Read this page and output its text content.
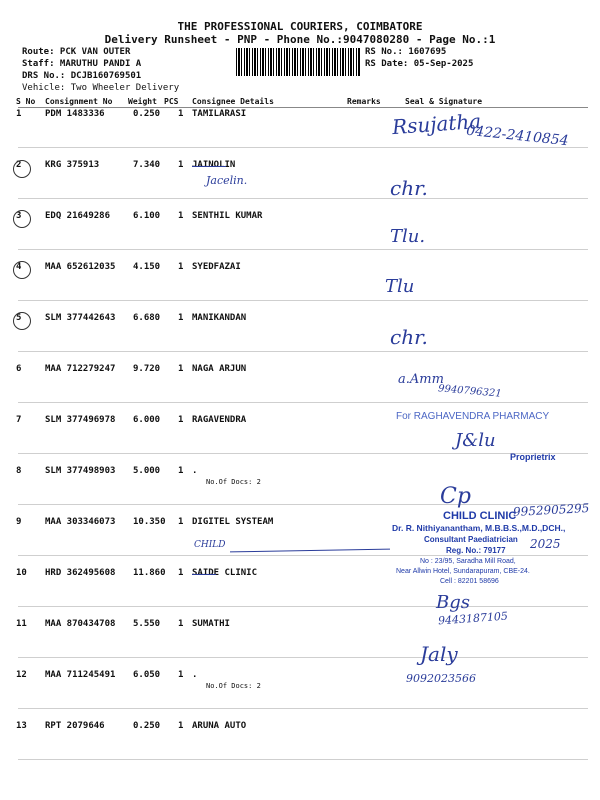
THE PROFESSIONAL COURIERS, COIMBATORE
Delivery Runsheet - PNP - Phone No.:9047080280 - Page No.:1
Route: PCK VAN OUTER
Staff: MARUTHU PANDI A
DRS No.: DCJB160769501
Vehicle: Two Wheeler Delivery
RS No.: 1607695
RS Date: 05-Sep-2025
S No Consignment No Weight PCS Consignee Details	Remarks	Seal & Signature
1	PDM 1483336	0.250 1 TAMILARASI
2	KRG 375913	7.340 1 JAINOLIN
3	EDQ 21649286	6.100 1 SENTHIL KUMAR
4	MAA 652612035 4.150 1 SYEDFAZAI
5	SLM 377442643 6.680 1 MANIKANDAN
6	MAA 712279247 9.720 1 NAGA ARJUN
7	SLM 377496978 6.000 1 RAGAVENDRA
8	SLM 377498903 5.000 1 .
No.Of Docs: 2
9	MAA 303346073 10.350 1 DIGITEL SYSTEAM
10 HRD 362495608 11.860 1 SAIDE CLINIC
11 MAA 870434708 5.550 1 SUMATHI
12 MAA 711245491 6.050 1 .
No.Of Docs: 2
13 RPT 2079646	0.250 1 ARUNA AUTO
Rsujatha
0422-2410854
Jacelin.	chr.
Tlu.
Tlu
chr.
a.Amm
9940796321
For RAGHAVENDRA PHARMACY
J&lu
Proprietrix
Cp
CHILD CLINIC
9952905295
Dr. R. Nithiyanantham, M.B.B.S.,M.D.,DCH.,
Consultant Paediatrician
Reg. No.: 79177 2025
No : 23/95, Saradha Mill Road,
Near Allwin Hotel, Sundarapuram, CBE-24.
Cell : 82201 58696
CHILD
Bgs
9443187105
Jaly
9092023566
